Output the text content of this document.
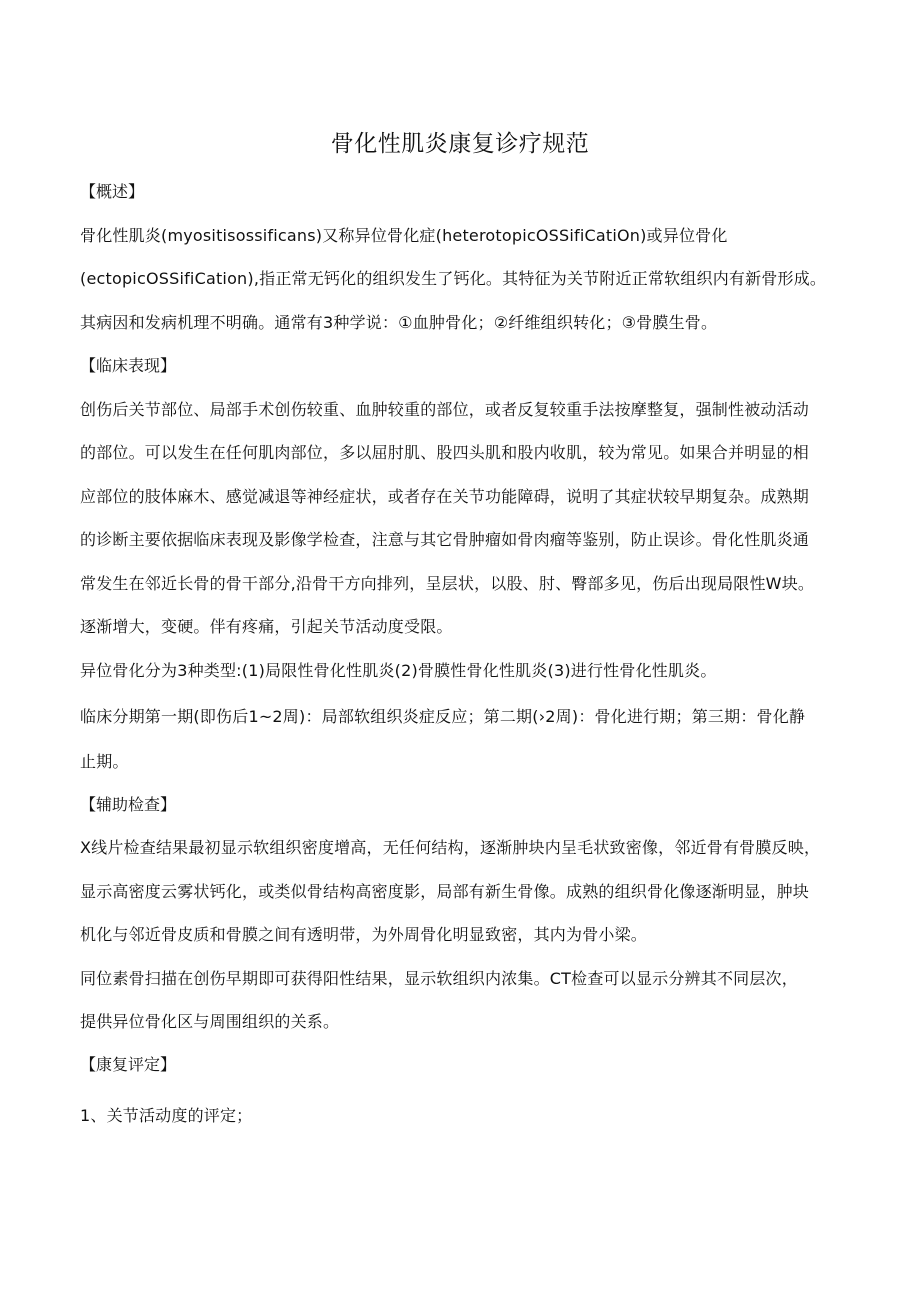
骨化性肌炎康复诊疗规范
【概述】
骨化性肌炎(myositisossificans)又称异位骨化症(heterotopicOSSifiCatiOn)或异位骨化
(ectopicOSSifiCation),指正常无钙化的组织发生了钙化。其特征为关节附近正常软组织内有新骨形成。
其病因和发病机理不明确。通常有3种学说：①血肿骨化；②纤维组织转化；③骨膜生骨。
【临床表现】
创伤后关节部位、局部手术创伤较重、血肿较重的部位，或者反复较重手法按摩整复，强制性被动活动
的部位。可以发生在任何肌肉部位，多以屈肘肌、股四头肌和股内收肌，较为常见。如果合并明显的相
应部位的肢体麻木、感觉减退等神经症状，或者存在关节功能障碍，说明了其症状较早期复杂。成熟期
的诊断主要依据临床表现及影像学检查，注意与其它骨肿瘤如骨肉瘤等鉴别，防止误诊。骨化性肌炎通
常发生在邻近长骨的骨干部分,沿骨干方向排列，呈层状，以股、肘、臀部多见，伤后出现局限性W块。
逐渐增大，变硬。伴有疼痛，引起关节活动度受限。
异位骨化分为3种类型:(1)局限性骨化性肌炎(2)骨膜性骨化性肌炎(3)进行性骨化性肌炎。
临床分期第一期(即伤后1~2周)：局部软组织炎症反应；第二期(›2周)：骨化进行期；第三期：骨化静
止期。
【辅助检查】
X线片检查结果最初显示软组织密度增高，无任何结构，逐渐肿块内呈毛状致密像，邻近骨有骨膜反映，
显示高密度云雾状钙化，或类似骨结构高密度影，局部有新生骨像。成熟的组织骨化像逐渐明显，肿块
机化与邻近骨皮质和骨膜之间有透明带，为外周骨化明显致密，其内为骨小梁。
同位素骨扫描在创伤早期即可获得阳性结果，显示软组织内浓集。CT检查可以显示分辨其不同层次，
提供异位骨化区与周围组织的关系。
【康复评定】
1、关节活动度的评定；
